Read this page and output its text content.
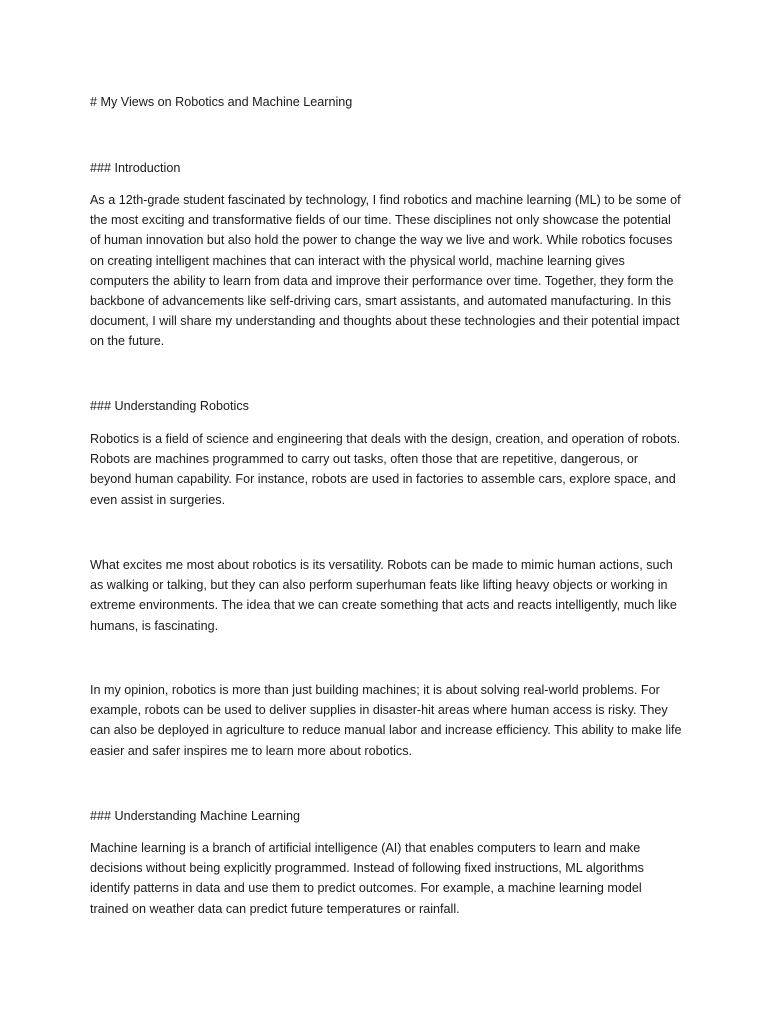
# My Views on Robotics and Machine Learning

### Introduction

As a 12th-grade student fascinated by technology, I find robotics and machine learning (ML) to be some of the most exciting and transformative fields of our time. These disciplines not only showcase the potential of human innovation but also hold the power to change the way we live and work. While robotics focuses on creating intelligent machines that can interact with the physical world, machine learning gives computers the ability to learn from data and improve their performance over time. Together, they form the backbone of advancements like self-driving cars, smart assistants, and automated manufacturing. In this document, I will share my understanding and thoughts about these technologies and their potential impact on the future.

### Understanding Robotics

Robotics is a field of science and engineering that deals with the design, creation, and operation of robots. Robots are machines programmed to carry out tasks, often those that are repetitive, dangerous, or beyond human capability. For instance, robots are used in factories to assemble cars, explore space, and even assist in surgeries.

What excites me most about robotics is its versatility. Robots can be made to mimic human actions, such as walking or talking, but they can also perform superhuman feats like lifting heavy objects or working in extreme environments. The idea that we can create something that acts and reacts intelligently, much like humans, is fascinating.

In my opinion, robotics is more than just building machines; it is about solving real-world problems. For example, robots can be used to deliver supplies in disaster-hit areas where human access is risky. They can also be deployed in agriculture to reduce manual labor and increase efficiency. This ability to make life easier and safer inspires me to learn more about robotics.

### Understanding Machine Learning

Machine learning is a branch of artificial intelligence (AI) that enables computers to learn and make decisions without being explicitly programmed. Instead of following fixed instructions, ML algorithms identify patterns in data and use them to predict outcomes. For example, a machine learning model trained on weather data can predict future temperatures or rainfall.
